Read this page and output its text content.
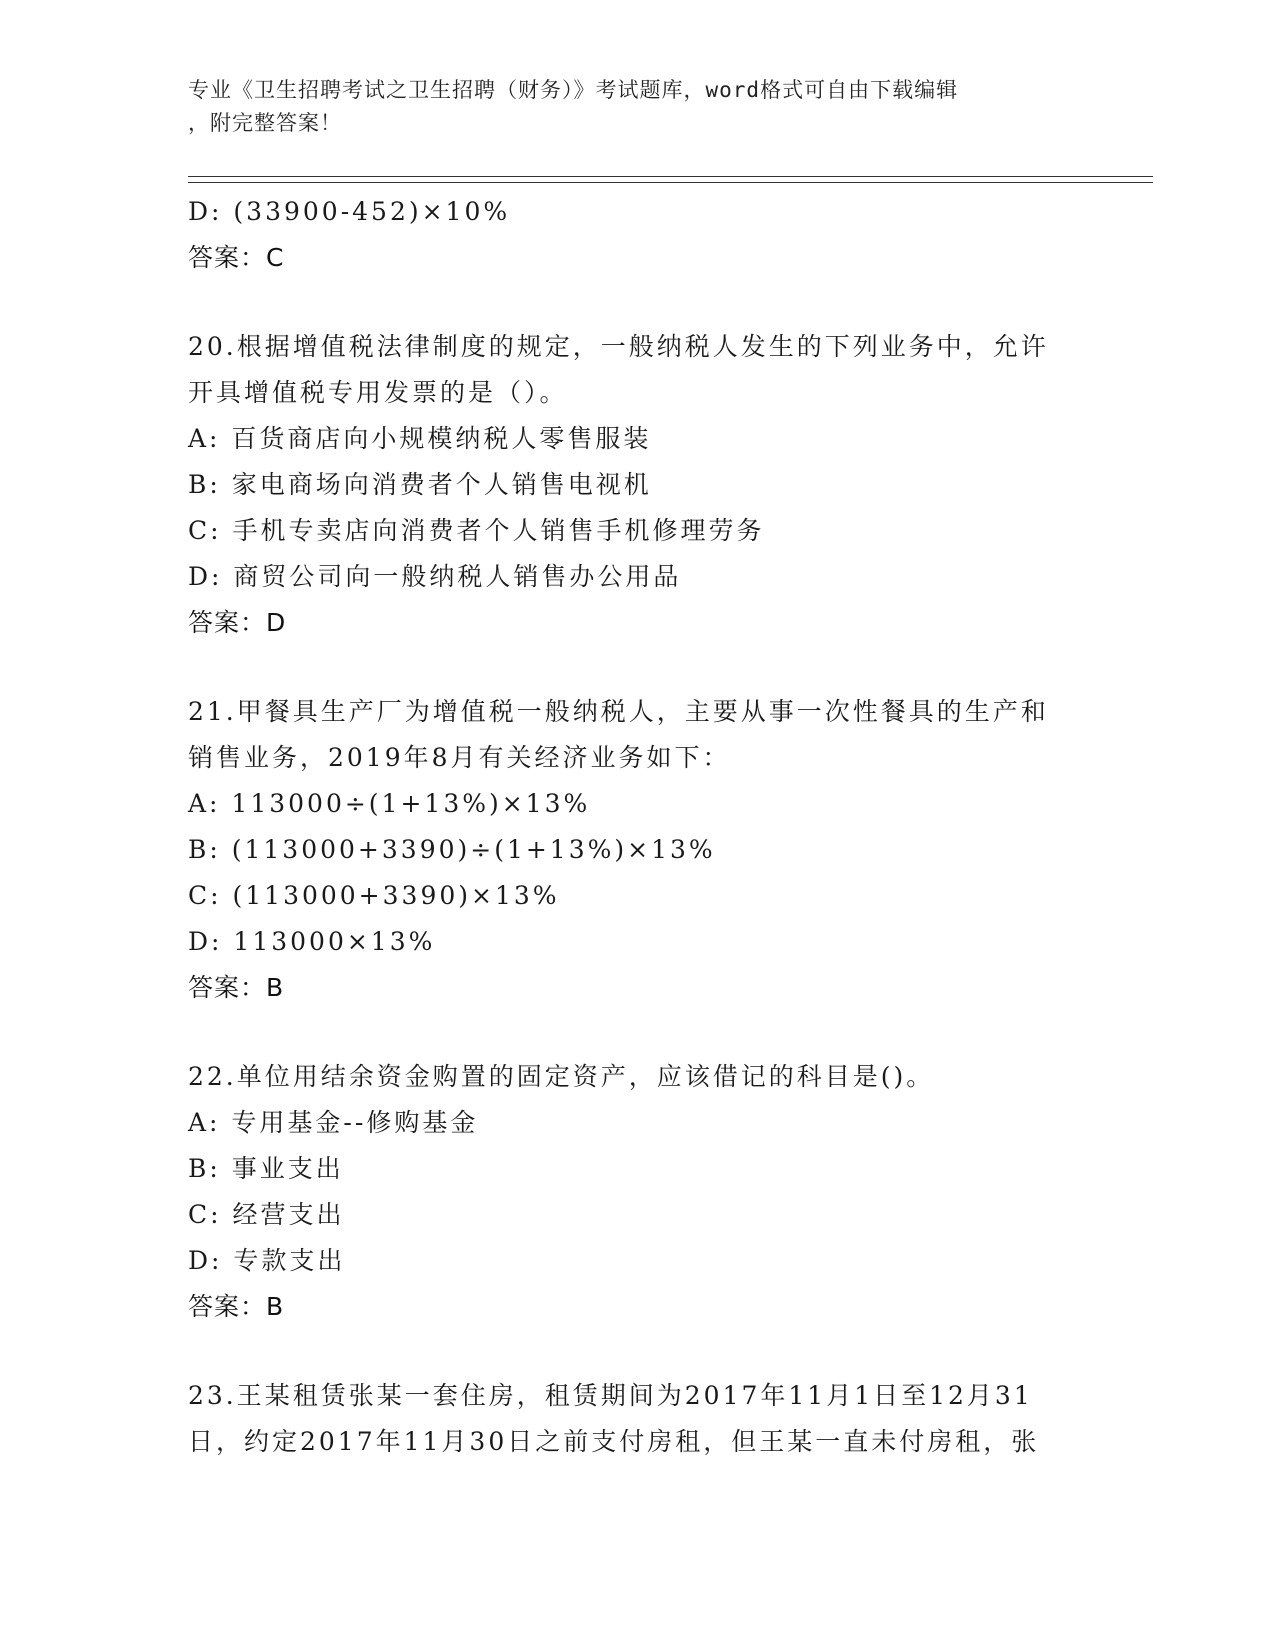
专业《卫生招聘考试之卫生招聘（财务）》考试题库，word格式可自由下载编辑
，附完整答案！
D: (33900-452)×10%
答案：C
20.根据增值税法律制度的规定，一般纳税人发生的下列业务中，允许
开具增值税专用发票的是（）。
A: 百货商店向小规模纳税人零售服装
B: 家电商场向消费者个人销售电视机
C: 手机专卖店向消费者个人销售手机修理劳务
D: 商贸公司向一般纳税人销售办公用品
答案：D
21.甲餐具生产厂为增值税一般纳税人，主要从事一次性餐具的生产和
销售业务，2019年8月有关经济业务如下：
A: 113000÷(1+13%)×13%
B: (113000+3390)÷(1+13%)×13%
C: (113000+3390)×13%
D: 113000×13%
答案：B
22.单位用结余资金购置的固定资产，应该借记的科目是()。
A: 专用基金--修购基金
B: 事业支出
C: 经营支出
D: 专款支出
答案：B
23.王某租赁张某一套住房，租赁期间为2017年11月1日至12月31
日，约定2017年11月30日之前支付房租，但王某一直未付房租，张
